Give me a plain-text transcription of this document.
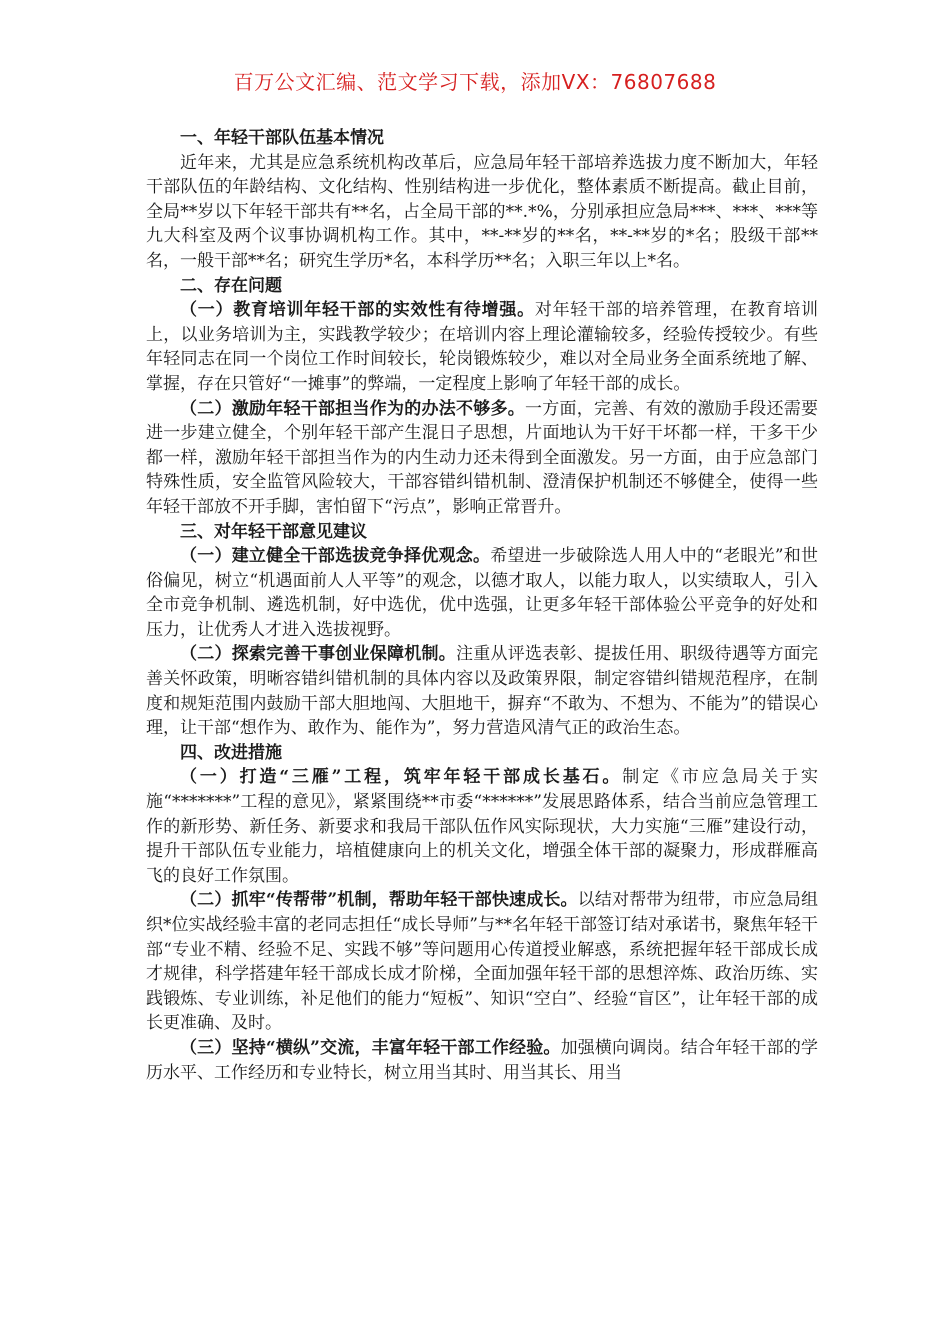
百万公文汇编、范文学习下载，添加VX：76807688

一、年轻干部队伍基本情况

近年来，尤其是应急系统机构改革后，应急局年轻干部培养选拔力度不断加大，年轻干部队伍的年龄结构、文化结构、性别结构进一步优化，整体素质不断提高。截止目前，全局**岁以下年轻干部共有**名，占全局干部的**.*%，分别承担应急局***、***、***等九大科室及两个议事协调机构工作。其中，**-**岁的**名，**-**岁的*名；股级干部**名，一般干部**名；研究生学历*名，本科学历**名；入职三年以上*名。

二、存在问题

（一）教育培训年轻干部的实效性有待增强。对年轻干部的培养管理，在教育培训上，以业务培训为主，实践教学较少；在培训内容上理论灌输较多，经验传授较少。有些年轻同志在同一个岗位工作时间较长，轮岗锻炼较少，难以对全局业务全面系统地了解、掌握，存在只管好“一摊事”的弊端，一定程度上影响了年轻干部的成长。

（二）激励年轻干部担当作为的办法不够多。一方面，完善、有效的激励手段还需要进一步建立健全，个别年轻干部产生混日子思想，片面地认为干好干坏都一样，干多干少都一样，激励年轻干部担当作为的内生动力还未得到全面激发。另一方面，由于应急部门特殊性质，安全监管风险较大，干部容错纠错机制、澄清保护机制还不够健全，使得一些年轻干部放不开手脚，害怕留下“污点”，影响正常晋升。

三、对年轻干部意见建议

（一）建立健全干部选拔竞争择优观念。希望进一步破除选人用人中的“老眼光”和世俗偏见，树立“机遇面前人人平等”的观念，以德才取人，以能力取人，以实绩取人，引入全市竞争机制、遴选机制，好中选优，优中选强，让更多年轻干部体验公平竞争的好处和压力，让优秀人才进入选拔视野。

（二）探索完善干事创业保障机制。注重从评选表彰、提拔任用、职级待遇等方面完善关怀政策，明晰容错纠错机制的具体内容以及政策界限，制定容错纠错规范程序，在制度和规矩范围内鼓励干部大胆地闯、大胆地干，摒弃“不敢为、不想为、不能为”的错误心理，让干部“想作为、敢作为、能作为”，努力营造风清气正的政治生态。

四、改进措施

（一）打造“三雁”工程，筑牢年轻干部成长基石。制定《市应急局关于实施“*******”工程的意见》，紧紧围绕**市委“******”发展思路体系，结合当前应急管理工作的新形势、新任务、新要求和我局干部队伍作风实际现状，大力实施“三雁”建设行动，提升干部队伍专业能力，培植健康向上的机关文化，增强全体干部的凝聚力，形成群雁高飞的良好工作氛围。

（二）抓牢“传帮带”机制，帮助年轻干部快速成长。以结对帮带为纽带，市应急局组织*位实战经验丰富的老同志担任“成长导师”与**名年轻干部签订结对承诺书，聚焦年轻干部“专业不精、经验不足、实践不够”等问题用心传道授业解惑，系统把握年轻干部成长成才规律，科学搭建年轻干部成长成才阶梯，全面加强年轻干部的思想淬炼、政治历练、实践锻炼、专业训练，补足他们的能力“短板”、知识“空白”、经验“盲区”，让年轻干部的成长更准确、及时。

（三）坚持“横纵”交流，丰富年轻干部工作经验。加强横向调岗。结合年轻干部的学历水平、工作经历和专业特长，树立用当其时、用当其长、用当
